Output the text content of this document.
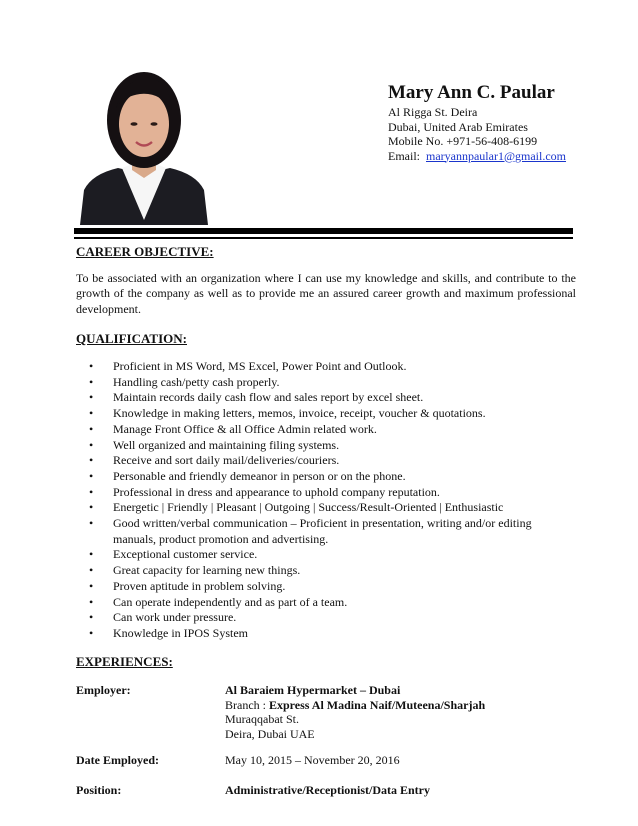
Mary Ann C. Paular
Al Rigga St. Deira
Dubai, United Arab Emirates
Mobile No. +971-56-408-6199
Email: maryannpaular1@gmail.com
CAREER OBJECTIVE:
To be associated with an organization where I can use my knowledge and skills, and contribute to the growth of the company as well as to provide me an assured career growth and maximum professional development.
QUALIFICATION:
• Proficient in MS Word, MS Excel, Power Point and Outlook.
• Handling cash/petty cash properly.
• Maintain records daily cash flow and sales report by excel sheet.
• Knowledge in making letters, memos, invoice, receipt, voucher & quotations.
• Manage Front Office & all Office Admin related work.
• Well organized and maintaining filing systems.
• Receive and sort daily mail/deliveries/couriers.
• Personable and friendly demeanor in person or on the phone.
• Professional in dress and appearance to uphold company reputation.
• Energetic | Friendly | Pleasant | Outgoing | Success/Result-Oriented | Enthusiastic
• Good written/verbal communication – Proficient in presentation, writing and/or editing manuals, product promotion and advertising.
• Exceptional customer service.
• Great capacity for learning new things.
• Proven aptitude in problem solving.
• Can operate independently and as part of a team.
• Can work under pressure.
• Knowledge in IPOS System
EXPERIENCES:
Employer:	Al Baraiem Hypermarket – Dubai
Branch : Express Al Madina Naif/Muteena/Sharjah
Muraqqabat St.
Deira, Dubai UAE
Date Employed:	May 10, 2015 – November 20, 2016
Position:	Administrative/Receptionist/Data Entry
